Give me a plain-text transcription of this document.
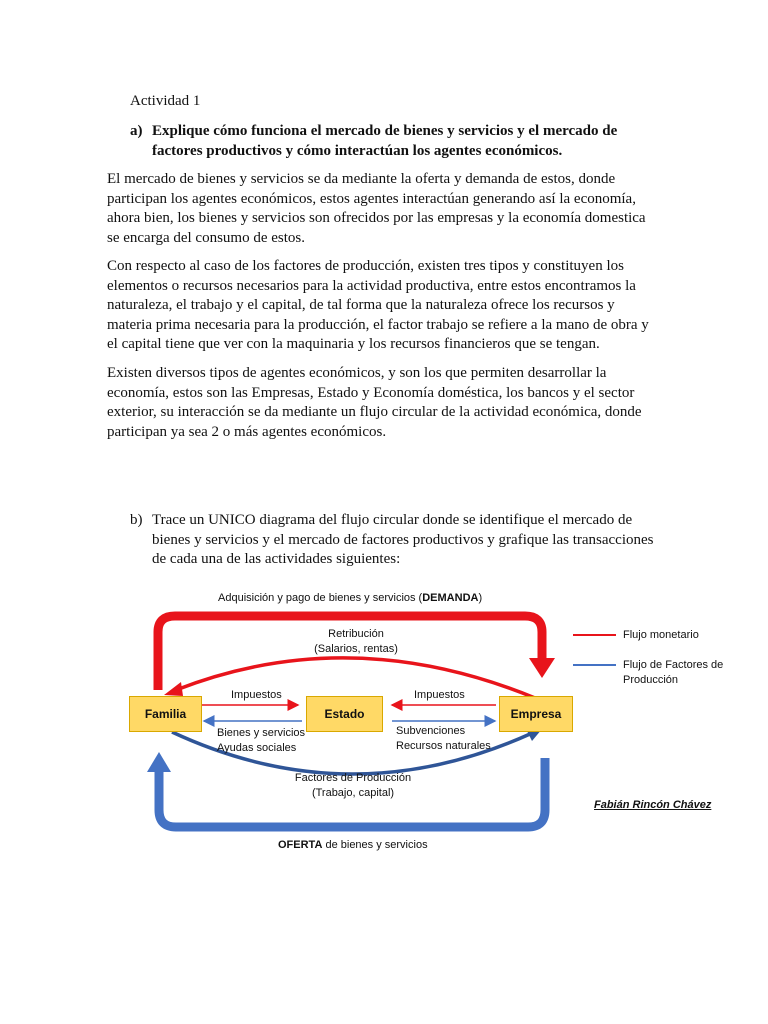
Actividad 1
a) Explique cómo funciona el mercado de bienes y servicios y el mercado de factores productivos y cómo interactúan los agentes económicos.

El mercado de bienes y servicios se da mediante la oferta y demanda de estos, donde participan los agentes económicos, estos agentes interactúan generando así la economía, ahora bien, los bienes y servicios son ofrecidos por las empresas y la economía domestica se encarga del consumo de estos.

Con respecto al caso de los factores de producción, existen tres tipos y constituyen los elementos o recursos necesarios para la actividad productiva, entre estos encontramos la naturaleza, el trabajo y el capital, de tal forma que la naturaleza ofrece los recursos y materia prima necesaria para la producción, el factor trabajo se refiere a la mano de obra y el capital tiene que ver con la maquinaria y los recursos financieros que se tengan.

Existen diversos tipos de agentes económicos, y son los que permiten desarrollar la economía, estos son las Empresas, Estado y Economía doméstica, los bancos y el sector exterior, su interacción se da mediante un flujo circular de la actividad económica, donde participan ya sea 2 o más agentes económicos.

b) Trace un UNICO diagrama del flujo circular donde se identifique el mercado de bienes y servicios y el mercado de factores productivos y grafique las transacciones de cada una de las actividades siguientes:
Adquisición y pago de bienes y servicios (DEMANDA)
Retribución
(Salarios, rentas)
Familia	Estado	Empresa
Impuestos	Impuestos
Bienes y servicios
Ayudas sociales
Subvenciones
Recursos naturales
Factores de Producción
(Trabajo, capital)
OFERTA de bienes y servicios
Flujo monetario
Flujo de Factores de
Producción
Fabián Rincón Chávez
